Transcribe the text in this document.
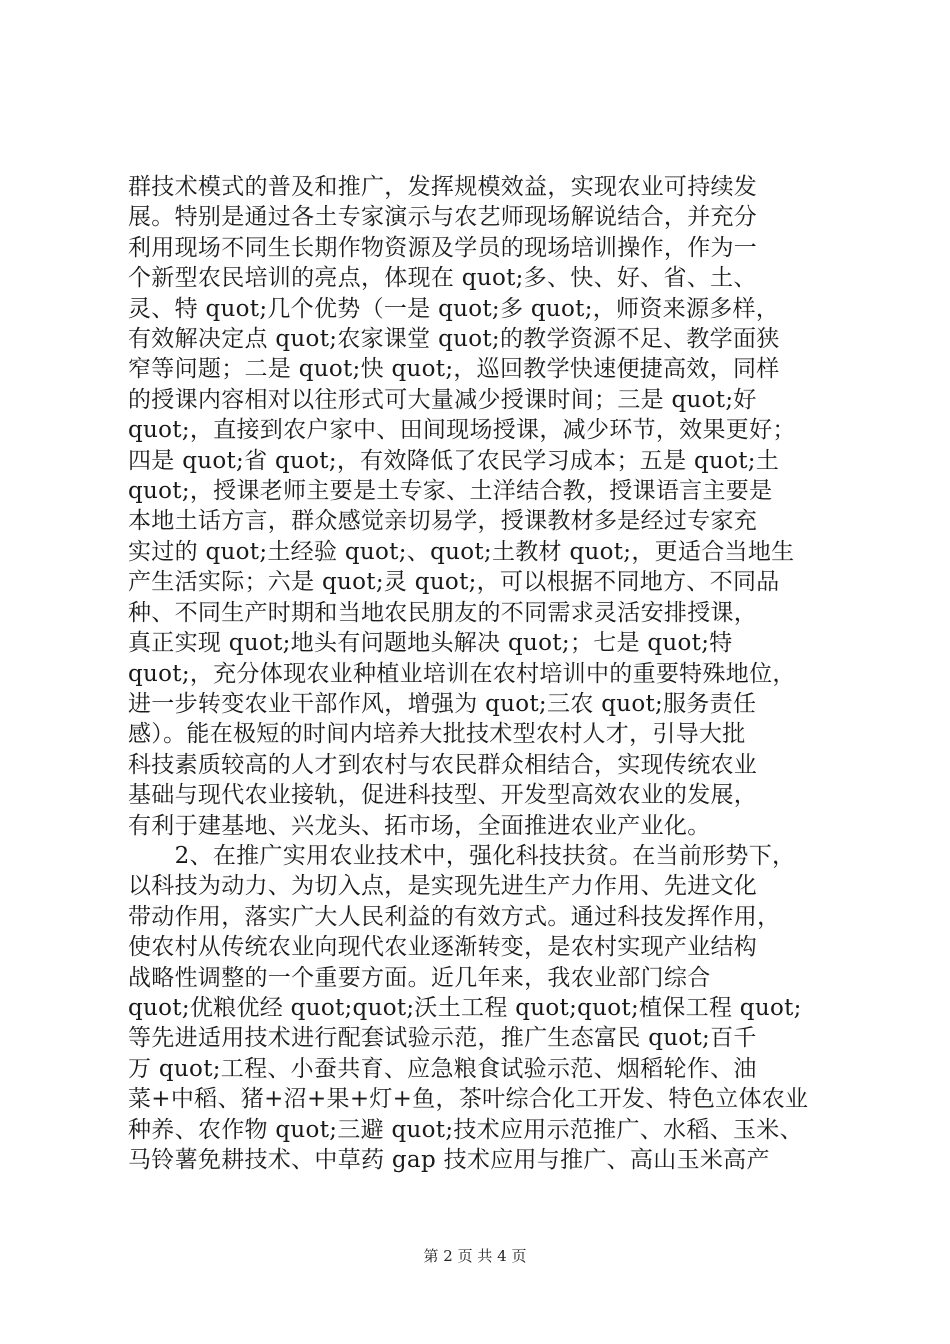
群技术模式的普及和推广，发挥规模效益，实现农业可持续发
展。特别是通过各土专家演示与农艺师现场解说结合，并充分
利用现场不同生长期作物资源及学员的现场培训操作，作为一
个新型农民培训的亮点，体现在 quot;多、快、好、省、土、
灵、特 quot;几个优势（一是 quot;多 quot;，师资来源多样，
有效解决定点 quot;农家课堂 quot;的教学资源不足、教学面狭
窄等问题；二是 quot;快 quot;，巡回教学快速便捷高效，同样
的授课内容相对以往形式可大量减少授课时间；三是 quot;好
quot;，直接到农户家中、田间现场授课，减少环节，效果更好；
四是 quot;省 quot;，有效降低了农民学习成本；五是 quot;土
quot;，授课老师主要是土专家、土洋结合教，授课语言主要是
本地土话方言，群众感觉亲切易学，授课教材多是经过专家充
实过的 quot;土经验 quot;、quot;土教材 quot;，更适合当地生
产生活实际；六是 quot;灵 quot;，可以根据不同地方、不同品
种、不同生产时期和当地农民朋友的不同需求灵活安排授课，
真正实现 quot;地头有问题地头解决 quot;；七是 quot;特
quot;，充分体现农业种植业培训在农村培训中的重要特殊地位，
进一步转变农业干部作风，增强为 quot;三农 quot;服务责任
感）。能在极短的时间内培养大批技术型农村人才，引导大批
科技素质较高的人才到农村与农民群众相结合，实现传统农业
基础与现代农业接轨，促进科技型、开发型高效农业的发展，
有利于建基地、兴龙头、拓市场，全面推进农业产业化。
　　2、在推广实用农业技术中，强化科技扶贫。在当前形势下，
以科技为动力、为切入点，是实现先进生产力作用、先进文化
带动作用，落实广大人民利益的有效方式。通过科技发挥作用，
使农村从传统农业向现代农业逐渐转变，是农村实现产业结构
战略性调整的一个重要方面。近几年来，我农业部门综合
quot;优粮优经 quot;quot;沃土工程 quot;quot;植保工程 quot;
等先进适用技术进行配套试验示范，推广生态富民 quot;百千
万 quot;工程、小蚕共育、应急粮食试验示范、烟稻轮作、油
菜+中稻、猪+沼+果+灯+鱼，茶叶综合化工开发、特色立体农业
种养、农作物 quot;三避 quot;技术应用示范推广、水稻、玉米、
马铃薯免耕技术、中草药 gap 技术应用与推广、高山玉米高产
第 2 页 共 4 页
